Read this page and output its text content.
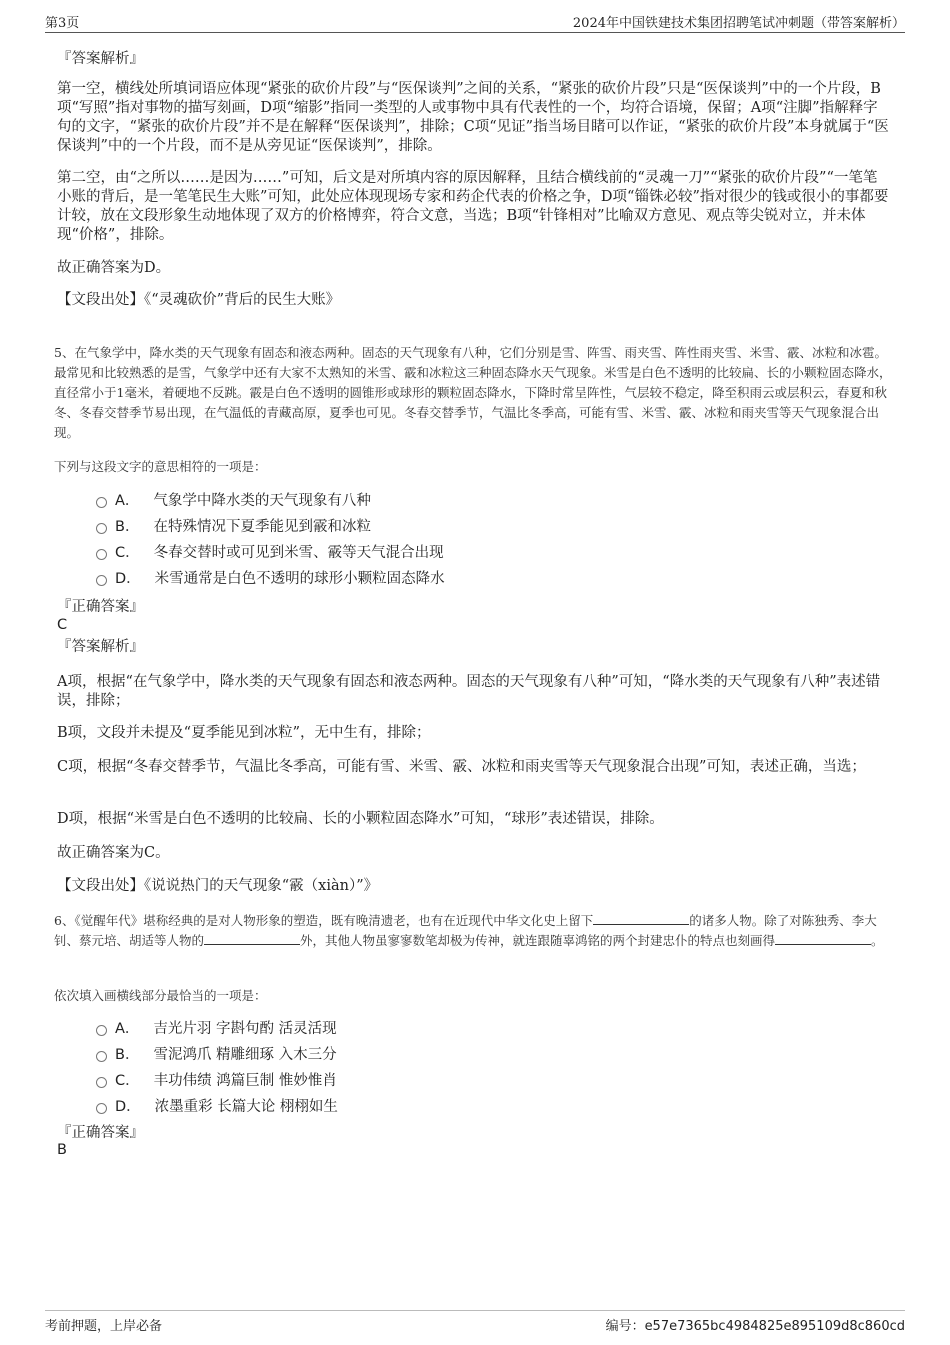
第3页	2024年中国铁建技术集团招聘笔试冲刺题（带答案解析）
『答案解析』
第一空，横线处所填词语应体现“紧张的砍价片段”与“医保谈判”之间的关系，“紧张的砍价片段”只是“医保谈判”中的一个片段，B项“写照”指对事物的描写刻画，D项“缩影”指同一类型的人或事物中具有代表性的一个，均符合语境，保留；A项“注脚”指解释字句的文字，“紧张的砍价片段”并不是在解释“医保谈判”，排除；C项“见证”指当场目睹可以作证，“紧张的砍价片段”本身就属于“医保谈判”中的一个片段，而不是从旁见证“医保谈判”，排除。
第二空，由“之所以……是因为……”可知，后文是对所填内容的原因解释，且结合横线前的“灵魂一刀”“紧张的砍价片段”“一笔笔小账的背后，是一笔笔民生大账”可知，此处应体现现场专家和药企代表的价格之争，D项“锱铢必较”指对很少的钱或很小的事都要计较，放在文段形象生动地体现了双方的价格博弈，符合文意，当选；B项“针锋相对”比喻双方意见、观点等尖锐对立，并未体现“价格”，排除。
故正确答案为D。
【文段出处】《“灵魂砍价”背后的民生大账》
5、在气象学中，降水类的天气现象有固态和液态两种。固态的天气现象有八种，它们分别是雪、阵雪、雨夹雪、阵性雨夹雪、米雪、霰、冰粒和冰雹。最常见和比较熟悉的是雪，气象学中还有大家不太熟知的米雪、霰和冰粒这三种固态降水天气现象。米雪是白色不透明的比较扁、长的小颗粒固态降水，直径常小于1毫米，着硬地不反跳。霰是白色不透明的圆锥形或球形的颗粒固态降水，下降时常呈阵性，气层较不稳定，降至积雨云或层积云，春夏和秋冬、冬春交替季节易出现，在气温低的青藏高原，夏季也可见。冬春交替季节，气温比冬季高，可能有雪、米雪、霰、冰粒和雨夹雪等天气现象混合出现。
下列与这段文字的意思相符的一项是：
A． 气象学中降水类的天气现象有八种
B． 在特殊情况下夏季能见到霰和冰粒
C． 冬春交替时或可见到米雪、霰等天气混合出现
D． 米雪通常是白色不透明的球形小颗粒固态降水
『正确答案』
C
『答案解析』
A项，根据“在气象学中，降水类的天气现象有固态和液态两种。固态的天气现象有八种”可知，“降水类的天气现象有八种”表述错误，排除；
B项，文段并未提及“夏季能见到冰粒”，无中生有，排除；
C项，根据“冬春交替季节，气温比冬季高，可能有雪、米雪、霰、冰粒和雨夹雪等天气现象混合出现”可知，表述正确，当选；
D项，根据“米雪是白色不透明的比较扁、长的小颗粒固态降水”可知，“球形”表述错误，排除。
故正确答案为C。
【文段出处】《说说热门的天气现象“霰（xiàn）”》
6、《觉醒年代》堪称经典的是对人物形象的塑造，既有晚清遗老，也有在近现代中华文化史上留下	的诸多人物。除了对陈独秀、李大钊、蔡元培、胡适等人物的	外，其他人物虽寥寥数笔却极为传神，就连跟随辜鸿铭的两个封建忠仆的特点也刻画得	。
依次填入画横线部分最恰当的一项是：
A． 吉光片羽 字斟句酌 活灵活现
B． 雪泥鸿爪 精雕细琢 入木三分
C． 丰功伟绩 鸿篇巨制 惟妙惟肖
D． 浓墨重彩 长篇大论 栩栩如生
『正确答案』
B
考前押题，上岸必备	编号：e57e7365bc4984825e895109d8c860cd
